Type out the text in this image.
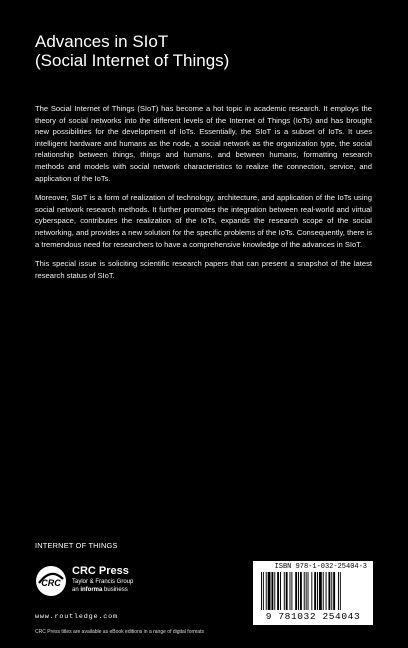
Advances in SIoT
(Social Internet of Things)

The Social Internet of Things (SIoT) has become a hot topic in academic research. It employs the theory of social networks into the different levels of the Internet of Things (IoTs) and has brought new possibilities for the development of IoTs. Essentially, the SIoT is a subset of IoTs. It uses intelligent hardware and humans as the node, a social network as the organization type, the social relationship between things, things and humans, and between humans, formatting research methods and models with social network characteristics to realize the connection, service, and application of the IoTs.

Moreover, SIoT is a form of realization of technology, architecture, and application of the IoTs using social network research methods. It further promotes the integration between real-world and virtual cyberspace, contributes the realization of the IoTs, expands the research scope of the social networking, and provides a new solution for the specific problems of the IoTs. Consequently, there is a tremendous need for researchers to have a comprehensive knowledge of the advances in SIoT.

This special issue is soliciting scientific research papers that can present a snapshot of the latest research status of SIoT.

INTERNET OF THINGS
CRC
CRC Press
Taylor & Francis Group
an informa business
www.routledge.com
CRC Press titles are available as eBook editions in a range of digital formats
ISBN 978-1-032-25404-3
9 781032 254043
